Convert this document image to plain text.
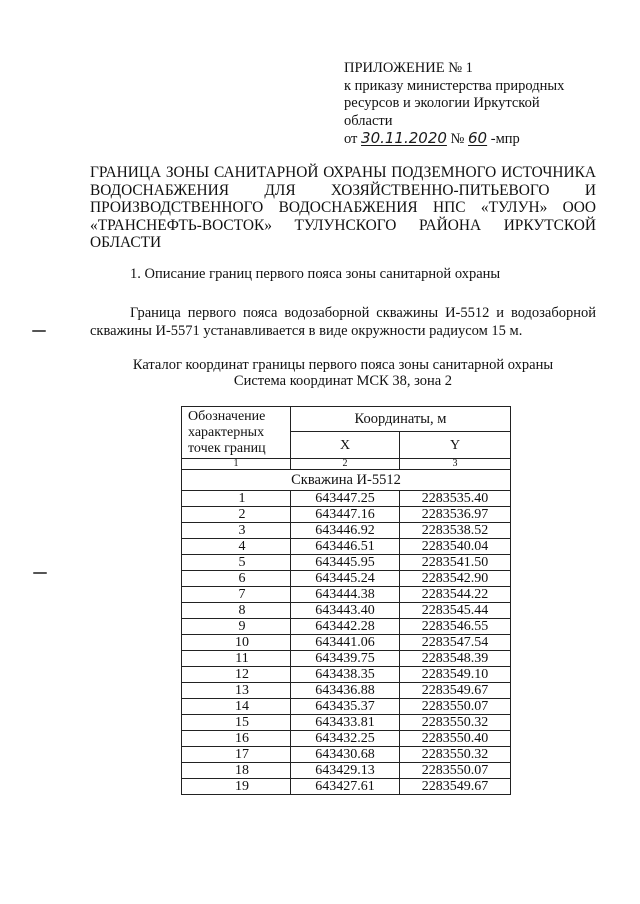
ПРИЛОЖЕНИЕ № 1
к приказу министерства природных
ресурсов и экологии Иркутской
области
от 30.11.2020 № 60 -мпр
ГРАНИЦА ЗОНЫ САНИТАРНОЙ ОХРАНЫ ПОДЗЕМНОГО ИСТОЧНИКА ВОДОСНАБЖЕНИЯ ДЛЯ ХОЗЯЙСТВЕННО-ПИТЬЕВОГО И ПРОИЗВОДСТВЕННОГО ВОДОСНАБЖЕНИЯ НПС «ТУЛУН» ООО «ТРАНСНЕФТЬ-ВОСТОК» ТУЛУНСКОГО РАЙОНА ИРКУТСКОЙ ОБЛАСТИ
1. Описание границ первого пояса зоны санитарной охраны
Граница первого пояса водозаборной скважины И-5512 и водозаборной скважины И-5571 устанавливается в виде окружности радиусом 15 м.
Каталог координат границы первого пояса зоны санитарной охраны
Система координат МСК 38, зона 2
Обозначение характерных точек границ	Координаты, м	
	X	Y
1	2	3
Скважина И-5512		
1	643447.25	2283535.40
2	643447.16	2283536.97
3	643446.92	2283538.52
4	643446.51	2283540.04
5	643445.95	2283541.50
6	643445.24	2283542.90
7	643444.38	2283544.22
8	643443.40	2283545.44
9	643442.28	2283546.55
10	643441.06	2283547.54
11	643439.75	2283548.39
12	643438.35	2283549.10
13	643436.88	2283549.67
14	643435.37	2283550.07
15	643433.81	2283550.32
16	643432.25	2283550.40
17	643430.68	2283550.32
18	643429.13	2283550.07
19	643427.61	2283549.67
